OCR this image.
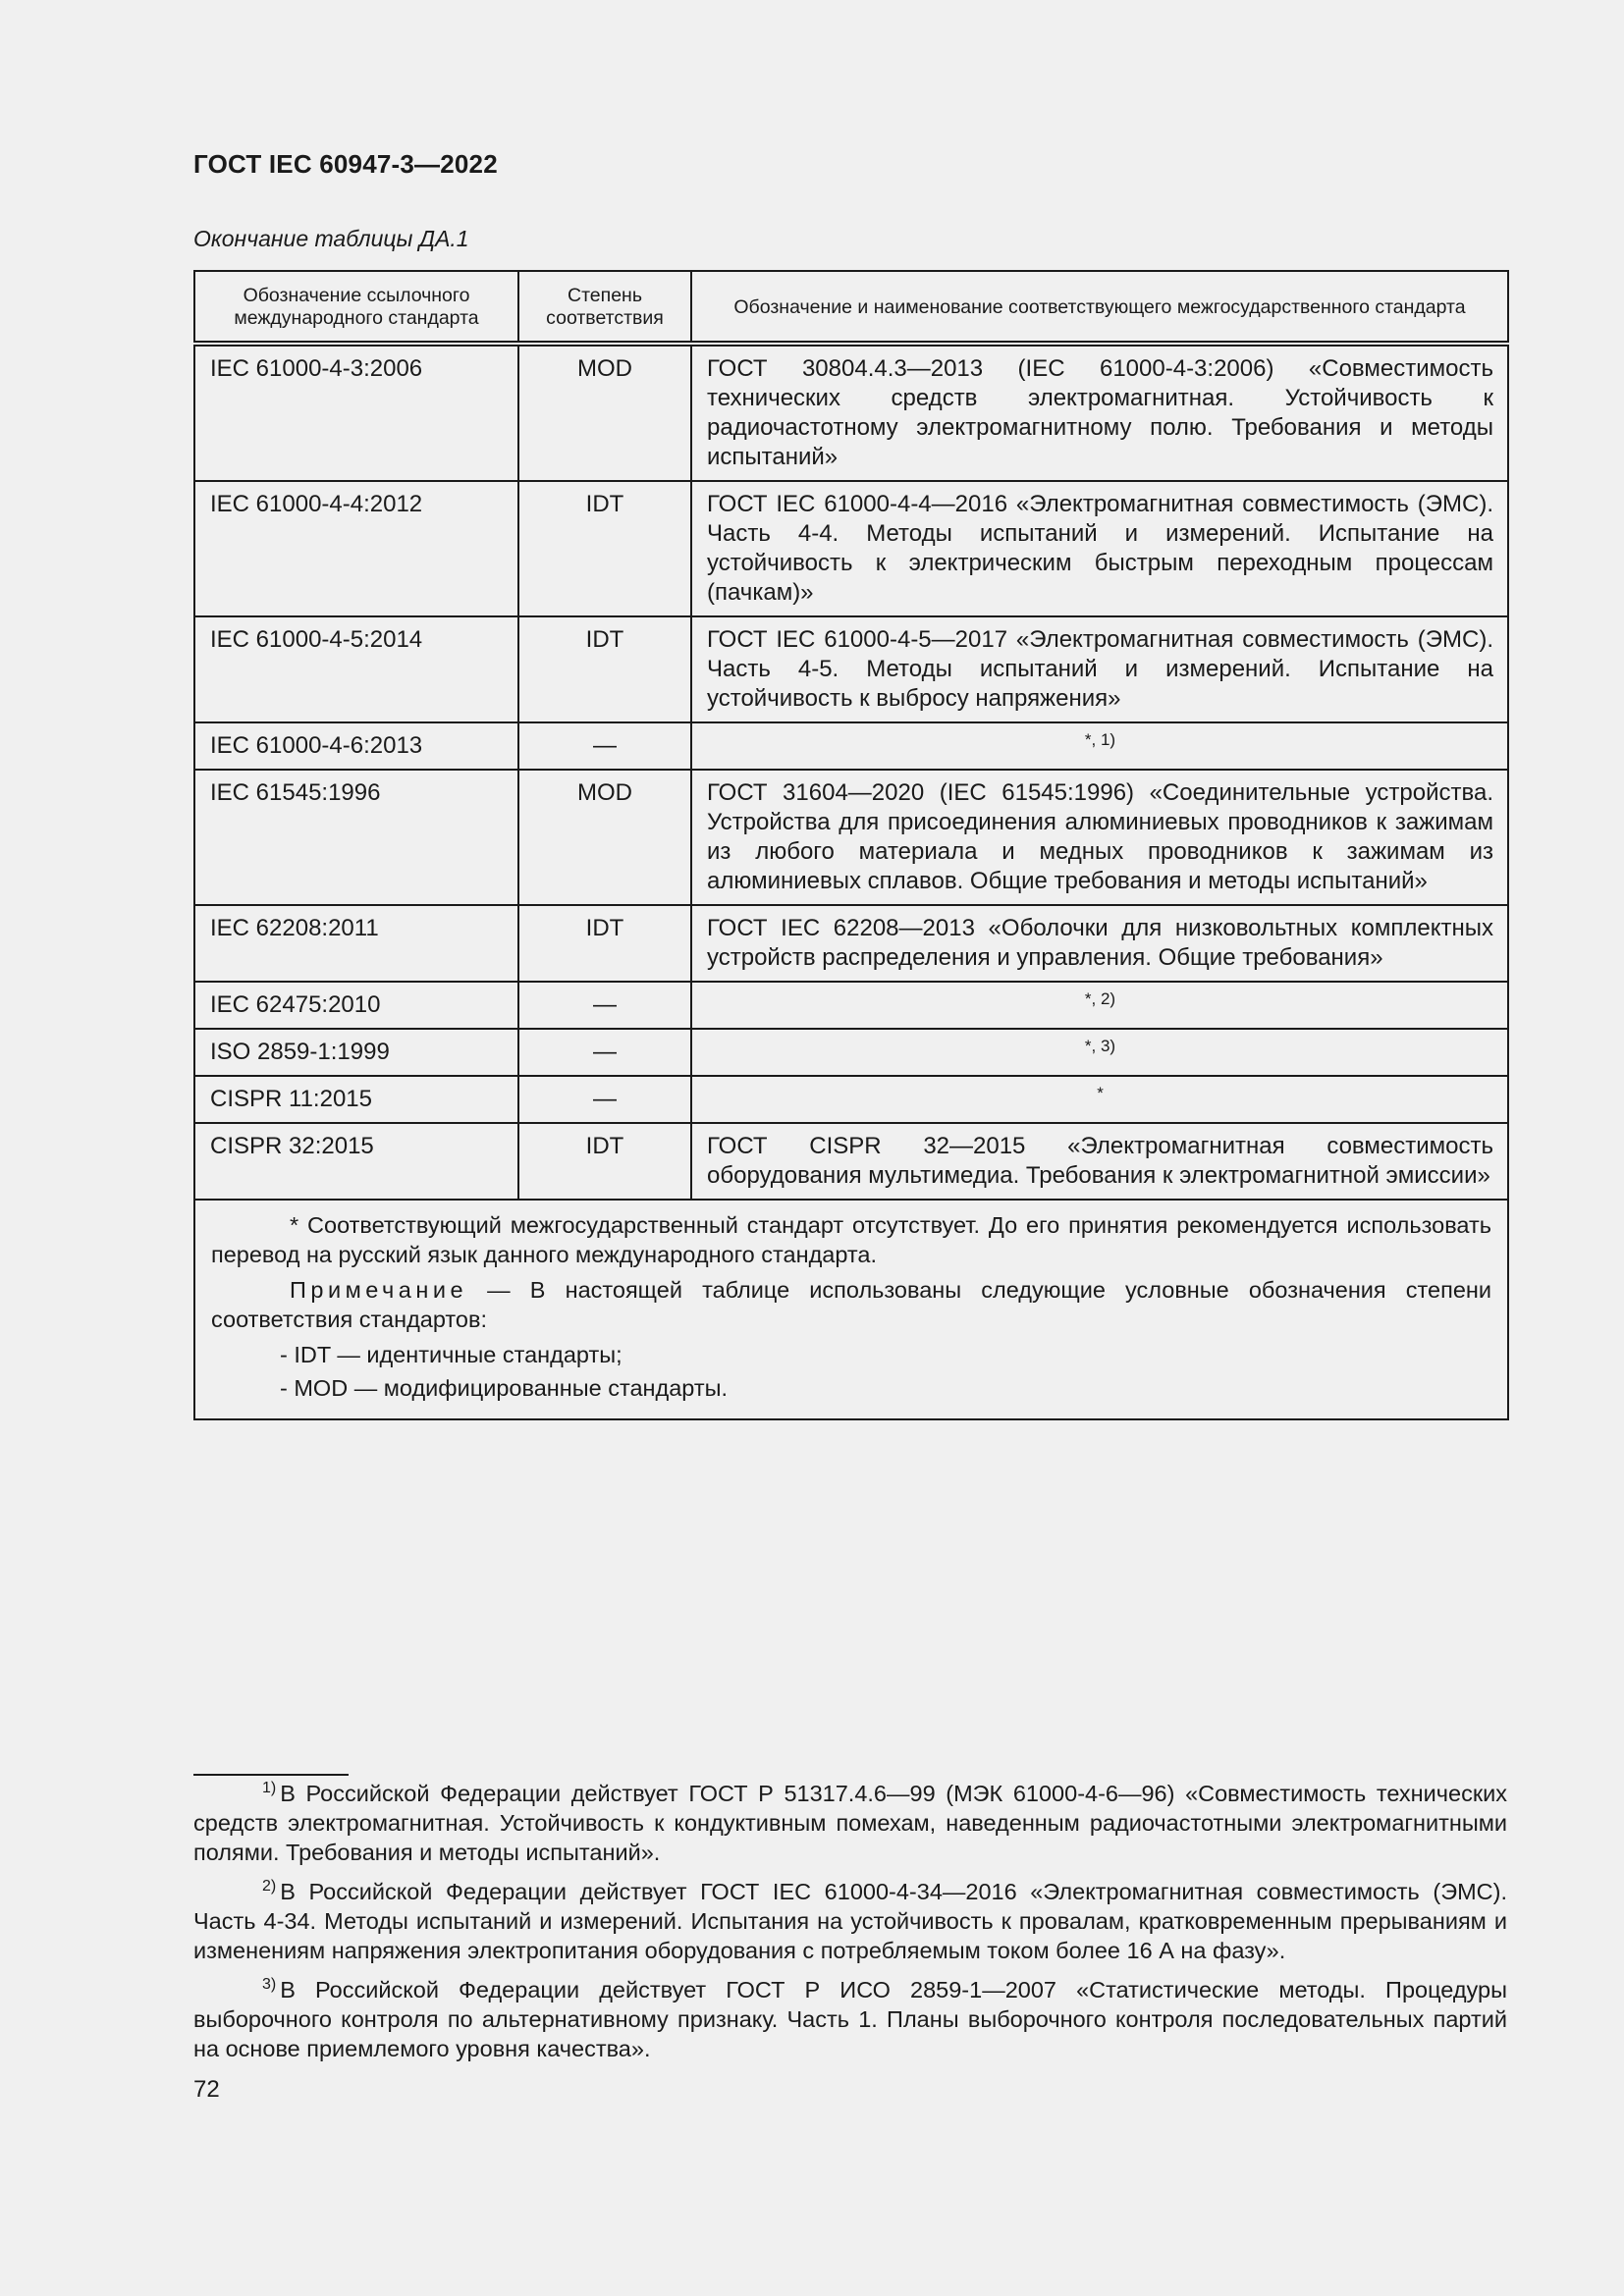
ГОСТ IEC 60947-3—2022
Окончание таблицы ДА.1
Обозначение ссылочного международного стандарта	Степень соответствия	Обозначение и наименование соответствующего межгосударственного стандарта
IEC 61000-4-3:2006	MOD	ГОСТ 30804.4.3—2013 (IEC 61000-4-3:2006) «Совместимость технических средств электромагнитная. Устойчивость к радиочастотному электромагнитному полю. Требования и методы испытаний»
IEC 61000-4-4:2012	IDT	ГОСТ IEC 61000-4-4—2016 «Электромагнитная совместимость (ЭМС). Часть 4-4. Методы испытаний и измерений. Испытание на устойчивость к электрическим быстрым переходным процессам (пачкам)»
IEC 61000-4-5:2014	IDT	ГОСТ IEC 61000-4-5—2017 «Электромагнитная совместимость (ЭМС). Часть 4-5. Методы испытаний и измерений. Испытание на устойчивость к выбросу напряжения»
IEC 61000-4-6:2013	—	*, 1)
IEC 61545:1996	MOD	ГОСТ 31604—2020 (IEC 61545:1996) «Соединительные устройства. Устройства для присоединения алюминиевых проводников к зажимам из любого материала и медных проводников к зажимам из алюминиевых сплавов. Общие требования и методы испытаний»
IEC 62208:2011	IDT	ГОСТ IEC 62208—2013 «Оболочки для низковольтных комплектных устройств распределения и управления. Общие требования»
IEC 62475:2010	—	*, 2)
ISO 2859-1:1999	—	*, 3)
CISPR 11:2015	—	*
CISPR 32:2015	IDT	ГОСТ CISPR 32—2015 «Электромагнитная совместимость оборудования мультимедиа. Требования к электромагнитной эмиссии»

* Соответствующий межгосударственный стандарт отсутствует. До его принятия рекомендуется использовать перевод на русский язык данного международного стандарта.

Примечание — В настоящей таблице использованы следующие условные обозначения степени соответствия стандартов:

- IDT — идентичные стандарты;
- MOD — модифицированные стандарты.		

$^{1)}$ В Российской Федерации действует ГОСТ Р 51317.4.6—99 (МЭК 61000-4-6—96) «Совместимость технических средств электромагнитная. Устойчивость к кондуктивным помехам, наведенным радиочастотными электромагнитными полями. Требования и методы испытаний».

$^{2)}$ В Российской Федерации действует ГОСТ IEC 61000-4-34—2016 «Электромагнитная совместимость (ЭМС). Часть 4-34. Методы испытаний и измерений. Испытания на устойчивость к провалам, кратковременным прерываниям и изменениям напряжения электропитания оборудования с потребляемым током более 16 А на фазу».

$^{3)}$ В Российской Федерации действует ГОСТ Р ИСО 2859-1—2007 «Статистические методы. Процедуры выборочного контроля по альтернативному признаку. Часть 1. Планы выборочного контроля последовательных партий на основе приемлемого уровня качества».

72
